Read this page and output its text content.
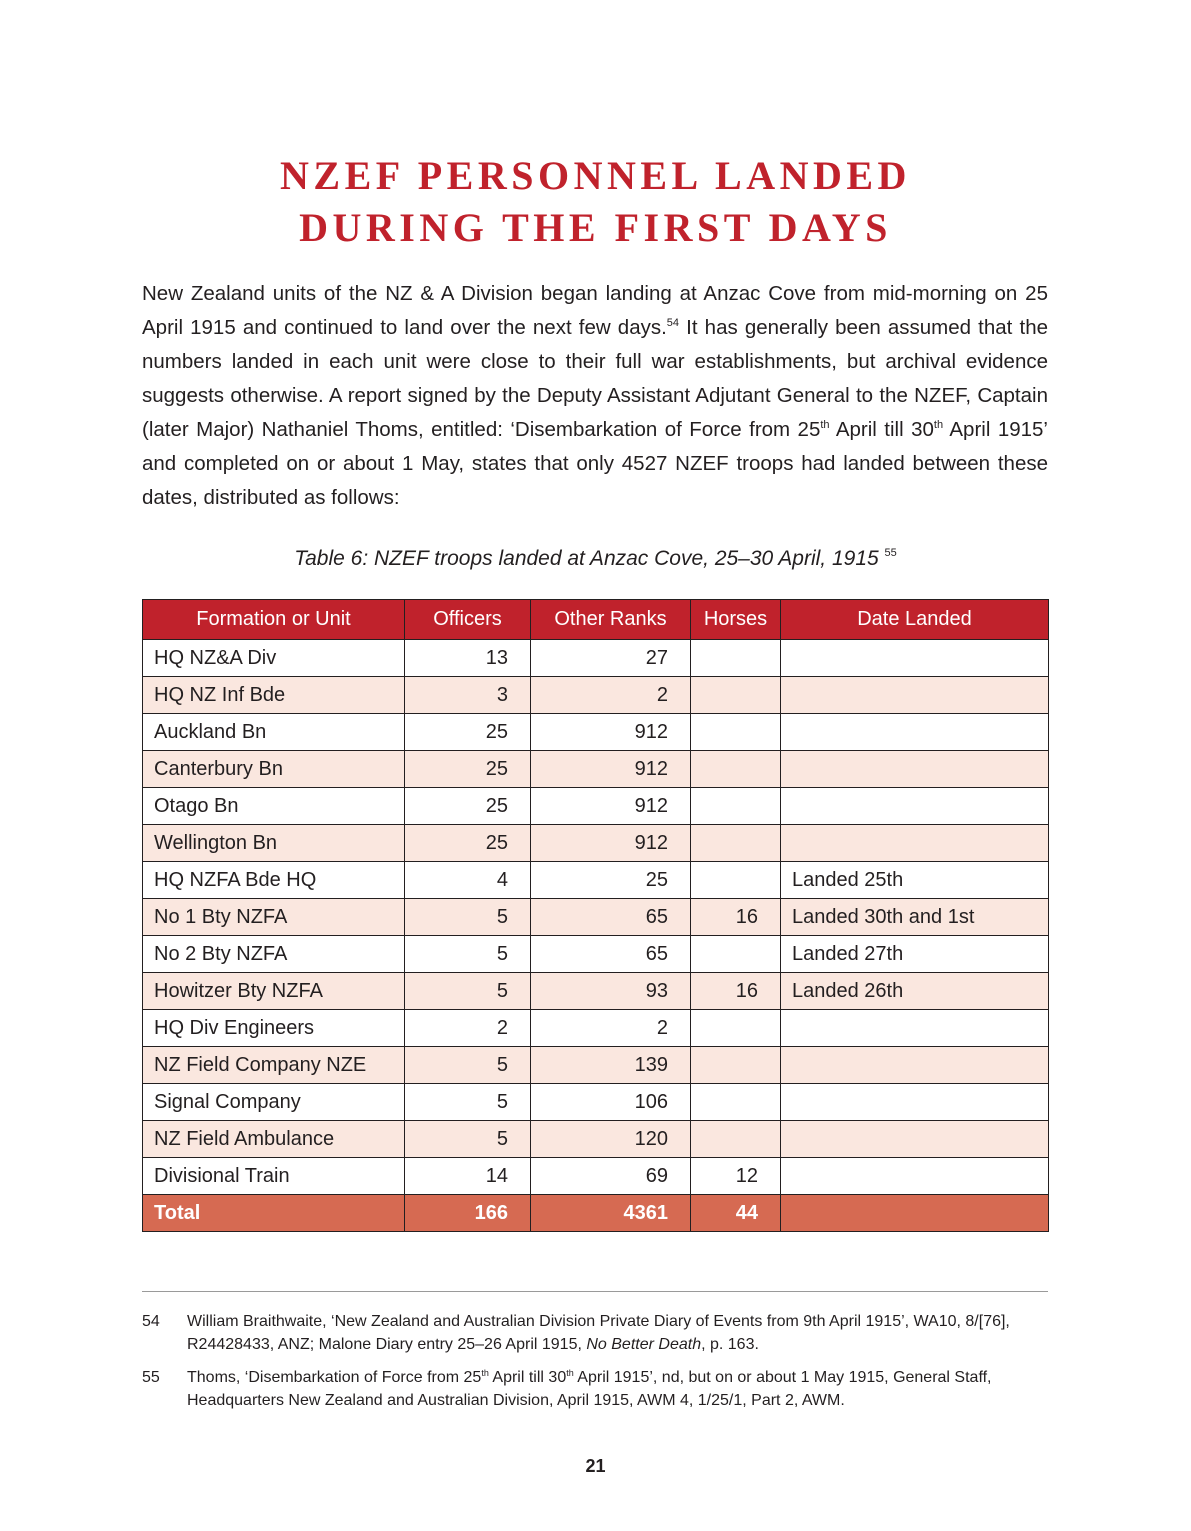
NZEF PERSONNEL LANDED
DURING THE FIRST DAYS

New Zealand units of the NZ & A Division began landing at Anzac Cove from mid-morning on 25 April 1915 and continued to land over the next few days.$^{54}$ It has generally been assumed that the numbers landed in each unit were close to their full war establishments, but archival evidence suggests otherwise. A report signed by the Deputy Assistant Adjutant General to the NZEF, Captain (later Major) Nathaniel Thoms, entitled: ‘Disembarkation of Force from 25th April till 30th April 1915’ and completed on or about 1 May, states that only 4527 NZEF troops had landed between these dates, distributed as follows:

Table 6: NZEF troops landed at Anzac Cove, 25–30 April, 1915 $^{55}$

Formation or Unit	Officers	Other Ranks	Horses	Date Landed
HQ NZ&A Div	13	27		
HQ NZ Inf Bde	3	2		
Auckland Bn	25	912		
Canterbury Bn	25	912		
Otago Bn	25	912		
Wellington Bn	25	912		
HQ NZFA Bde HQ	4	25		Landed 25th
No 1 Bty NZFA	5	65	16	Landed 30th and 1st
No 2 Bty NZFA	5	65		Landed 27th
Howitzer Bty NZFA	5	93	16	Landed 26th
HQ Div Engineers	2	2		
NZ Field Company NZE	5	139		
Signal Company	5	106		
NZ Field Ambulance	5	120		
Divisional Train	14	69	12	
Total	166	4361	44	
54 William Braithwaite, ‘New Zealand and Australian Division Private Diary of Events from 9th April 1915’, WA10, 8/[76], R24428433, ANZ; Malone Diary entry 25–26 April 1915, No Better Death, p. 163.
55 Thoms, ‘Disembarkation of Force from 25th April till 30th April 1915’, nd, but on or about 1 May 1915, General Staff, Headquarters New Zealand and Australian Division, April 1915, AWM 4, 1/25/1, Part 2, AWM.
21
